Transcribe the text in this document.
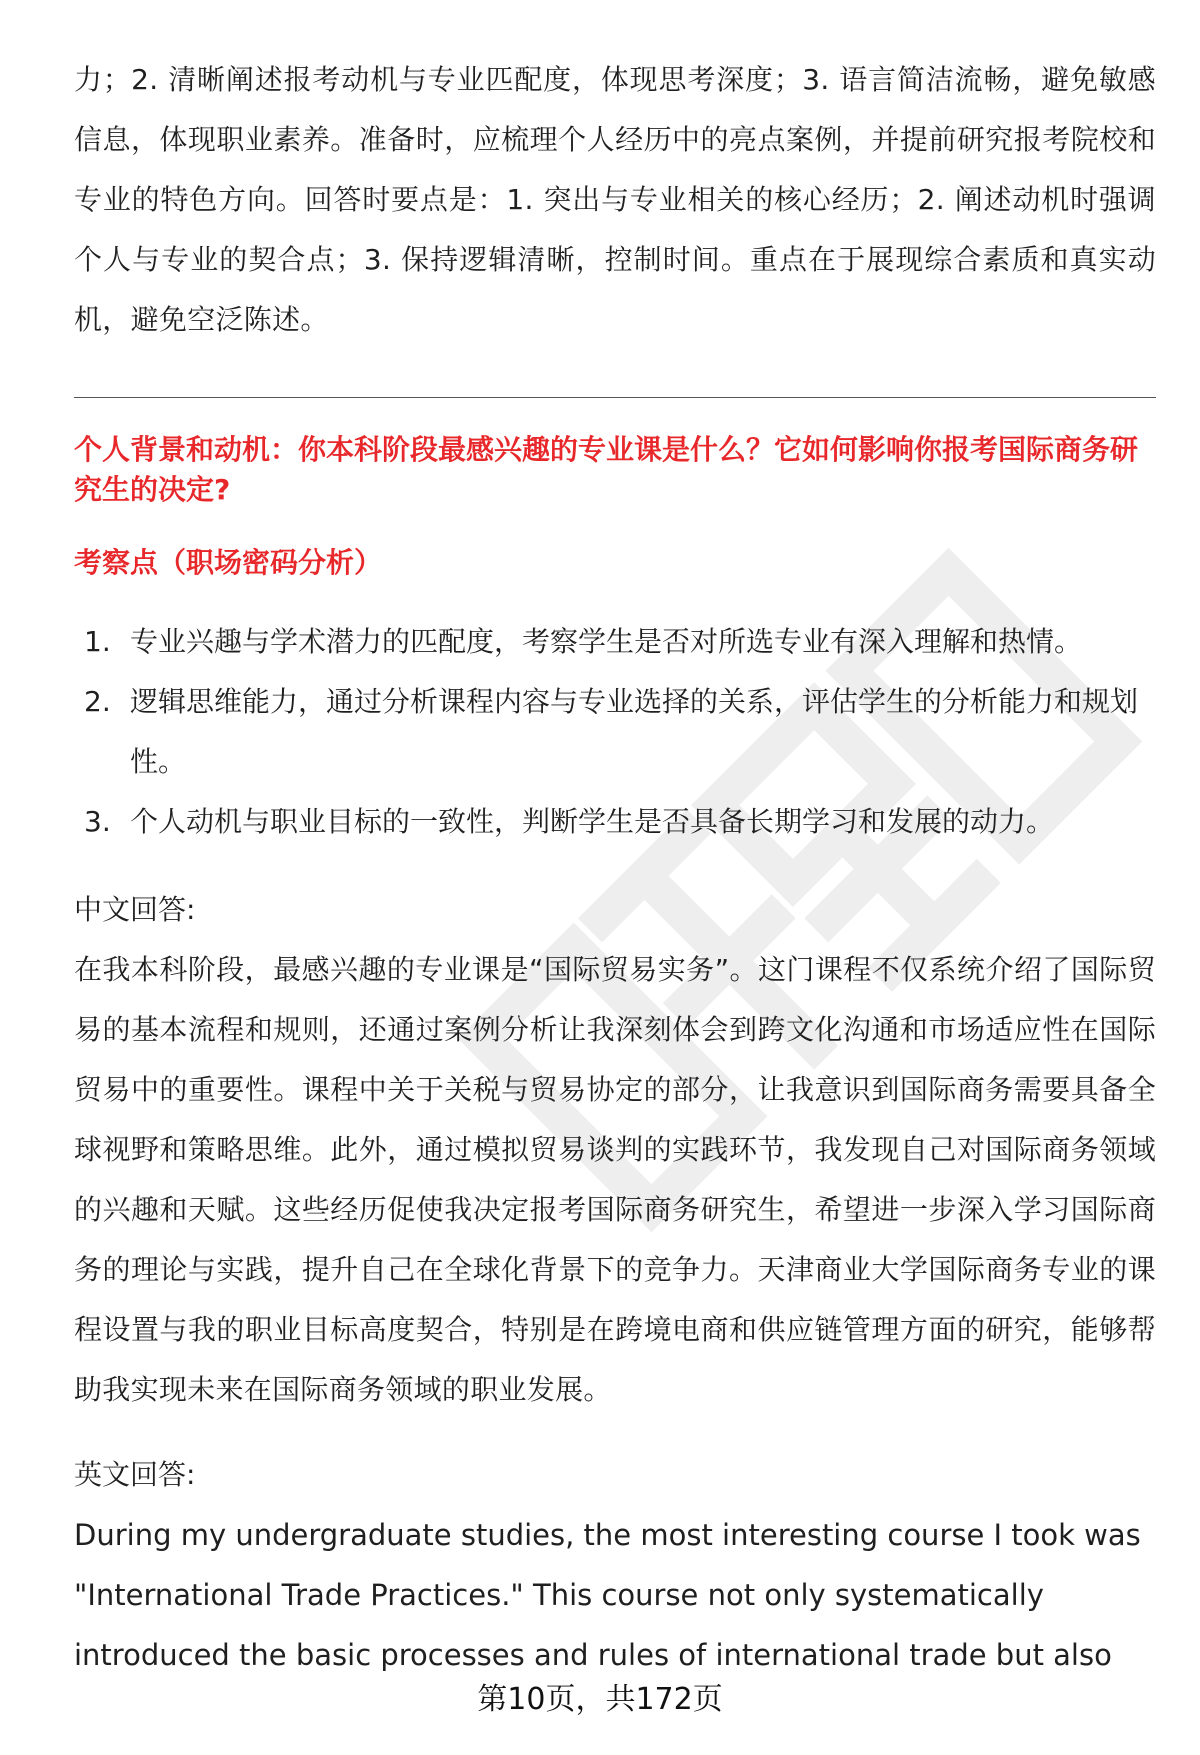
力；2. 清晰阐述报考动机与专业匹配度，体现思考深度；3. 语言简洁流畅，避免敏感信息，体现职业素养。准备时，应梳理个人经历中的亮点案例，并提前研究报考院校和专业的特色方向。回答时要点是：1. 突出与专业相关的核心经历；2. 阐述动机时强调个人与专业的契合点；3. 保持逻辑清晰，控制时间。重点在于展现综合素质和真实动机，避免空泛陈述。

个人背景和动机：你本科阶段最感兴趣的专业课是什么？它如何影响你报考国际商务研究生的决定?

考察点（职场密码分析）

1. 专业兴趣与学术潜力的匹配度，考察学生是否对所选专业有深入理解和热情。
2. 逻辑思维能力，通过分析课程内容与专业选择的关系，评估学生的分析能力和规划性。
3. 个人动机与职业目标的一致性，判断学生是否具备长期学习和发展的动力。

中文回答:

在我本科阶段，最感兴趣的专业课是“国际贸易实务”。这门课程不仅系统介绍了国际贸易的基本流程和规则，还通过案例分析让我深刻体会到跨文化沟通和市场适应性在国际贸易中的重要性。课程中关于关税与贸易协定的部分，让我意识到国际商务需要具备全球视野和策略思维。此外，通过模拟贸易谈判的实践环节，我发现自己对国际商务领域的兴趣和天赋。这些经历促使我决定报考国际商务研究生，希望进一步深入学习国际商务的理论与实践，提升自己在全球化背景下的竞争力。天津商业大学国际商务专业的课程设置与我的职业目标高度契合，特别是在跨境电商和供应链管理方面的研究，能够帮助我实现未来在国际商务领域的职业发展。

英文回答:

During my undergraduate studies, the most interesting course I took was "International Trade Practices." This course not only systematically introduced the basic processes and rules of international trade but also

第10页，共172页
